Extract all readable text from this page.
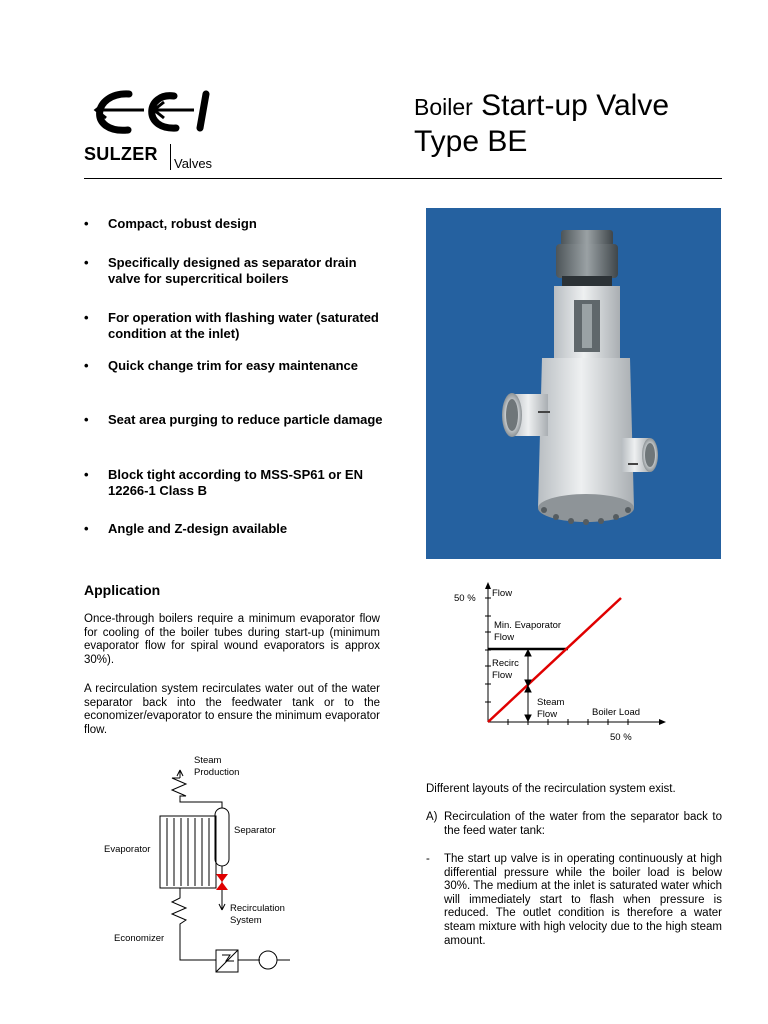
SULZER Valves
Boiler Start-up Valve
Type BE
• Compact, robust design
• Specifically designed as separator drain valve for supercritical boilers
• For operation with flashing water (saturated condition at the inlet)
• Quick change trim for easy maintenance
• Seat area purging to reduce particle damage
• Block tight according to MSS-SP61 or EN 12266-1 Class B
• Angle and Z-design available
Application
Once-through boilers require a minimum evaporator flow for cooling of the boiler tubes during start-up (minimum evaporator flow for spiral wound evaporators is approx 30%).
A recirculation system recirculates water out of the water separator back into the feedwater tank or to the economizer/evaporator to ensure the minimum evaporator flow.
50 % Flow
Min. Evaporator
Flow
Recirc
Flow
Steam
Flow	Boiler Load
50 %
Steam
Production
Separator
Evaporator
Recirculation
System
Economizer
Different layouts of the recirculation system exist.
A) Recirculation of the water from the separator back to the feed water tank:
-	The start up valve is in operating continuously at high differential pressure while the boiler load is below 30%. The medium at the inlet is saturated water which will immediately start to flash when pressure is reduced. The outlet condition is therefore a water steam mixture with high velocity due to the high steam amount.
